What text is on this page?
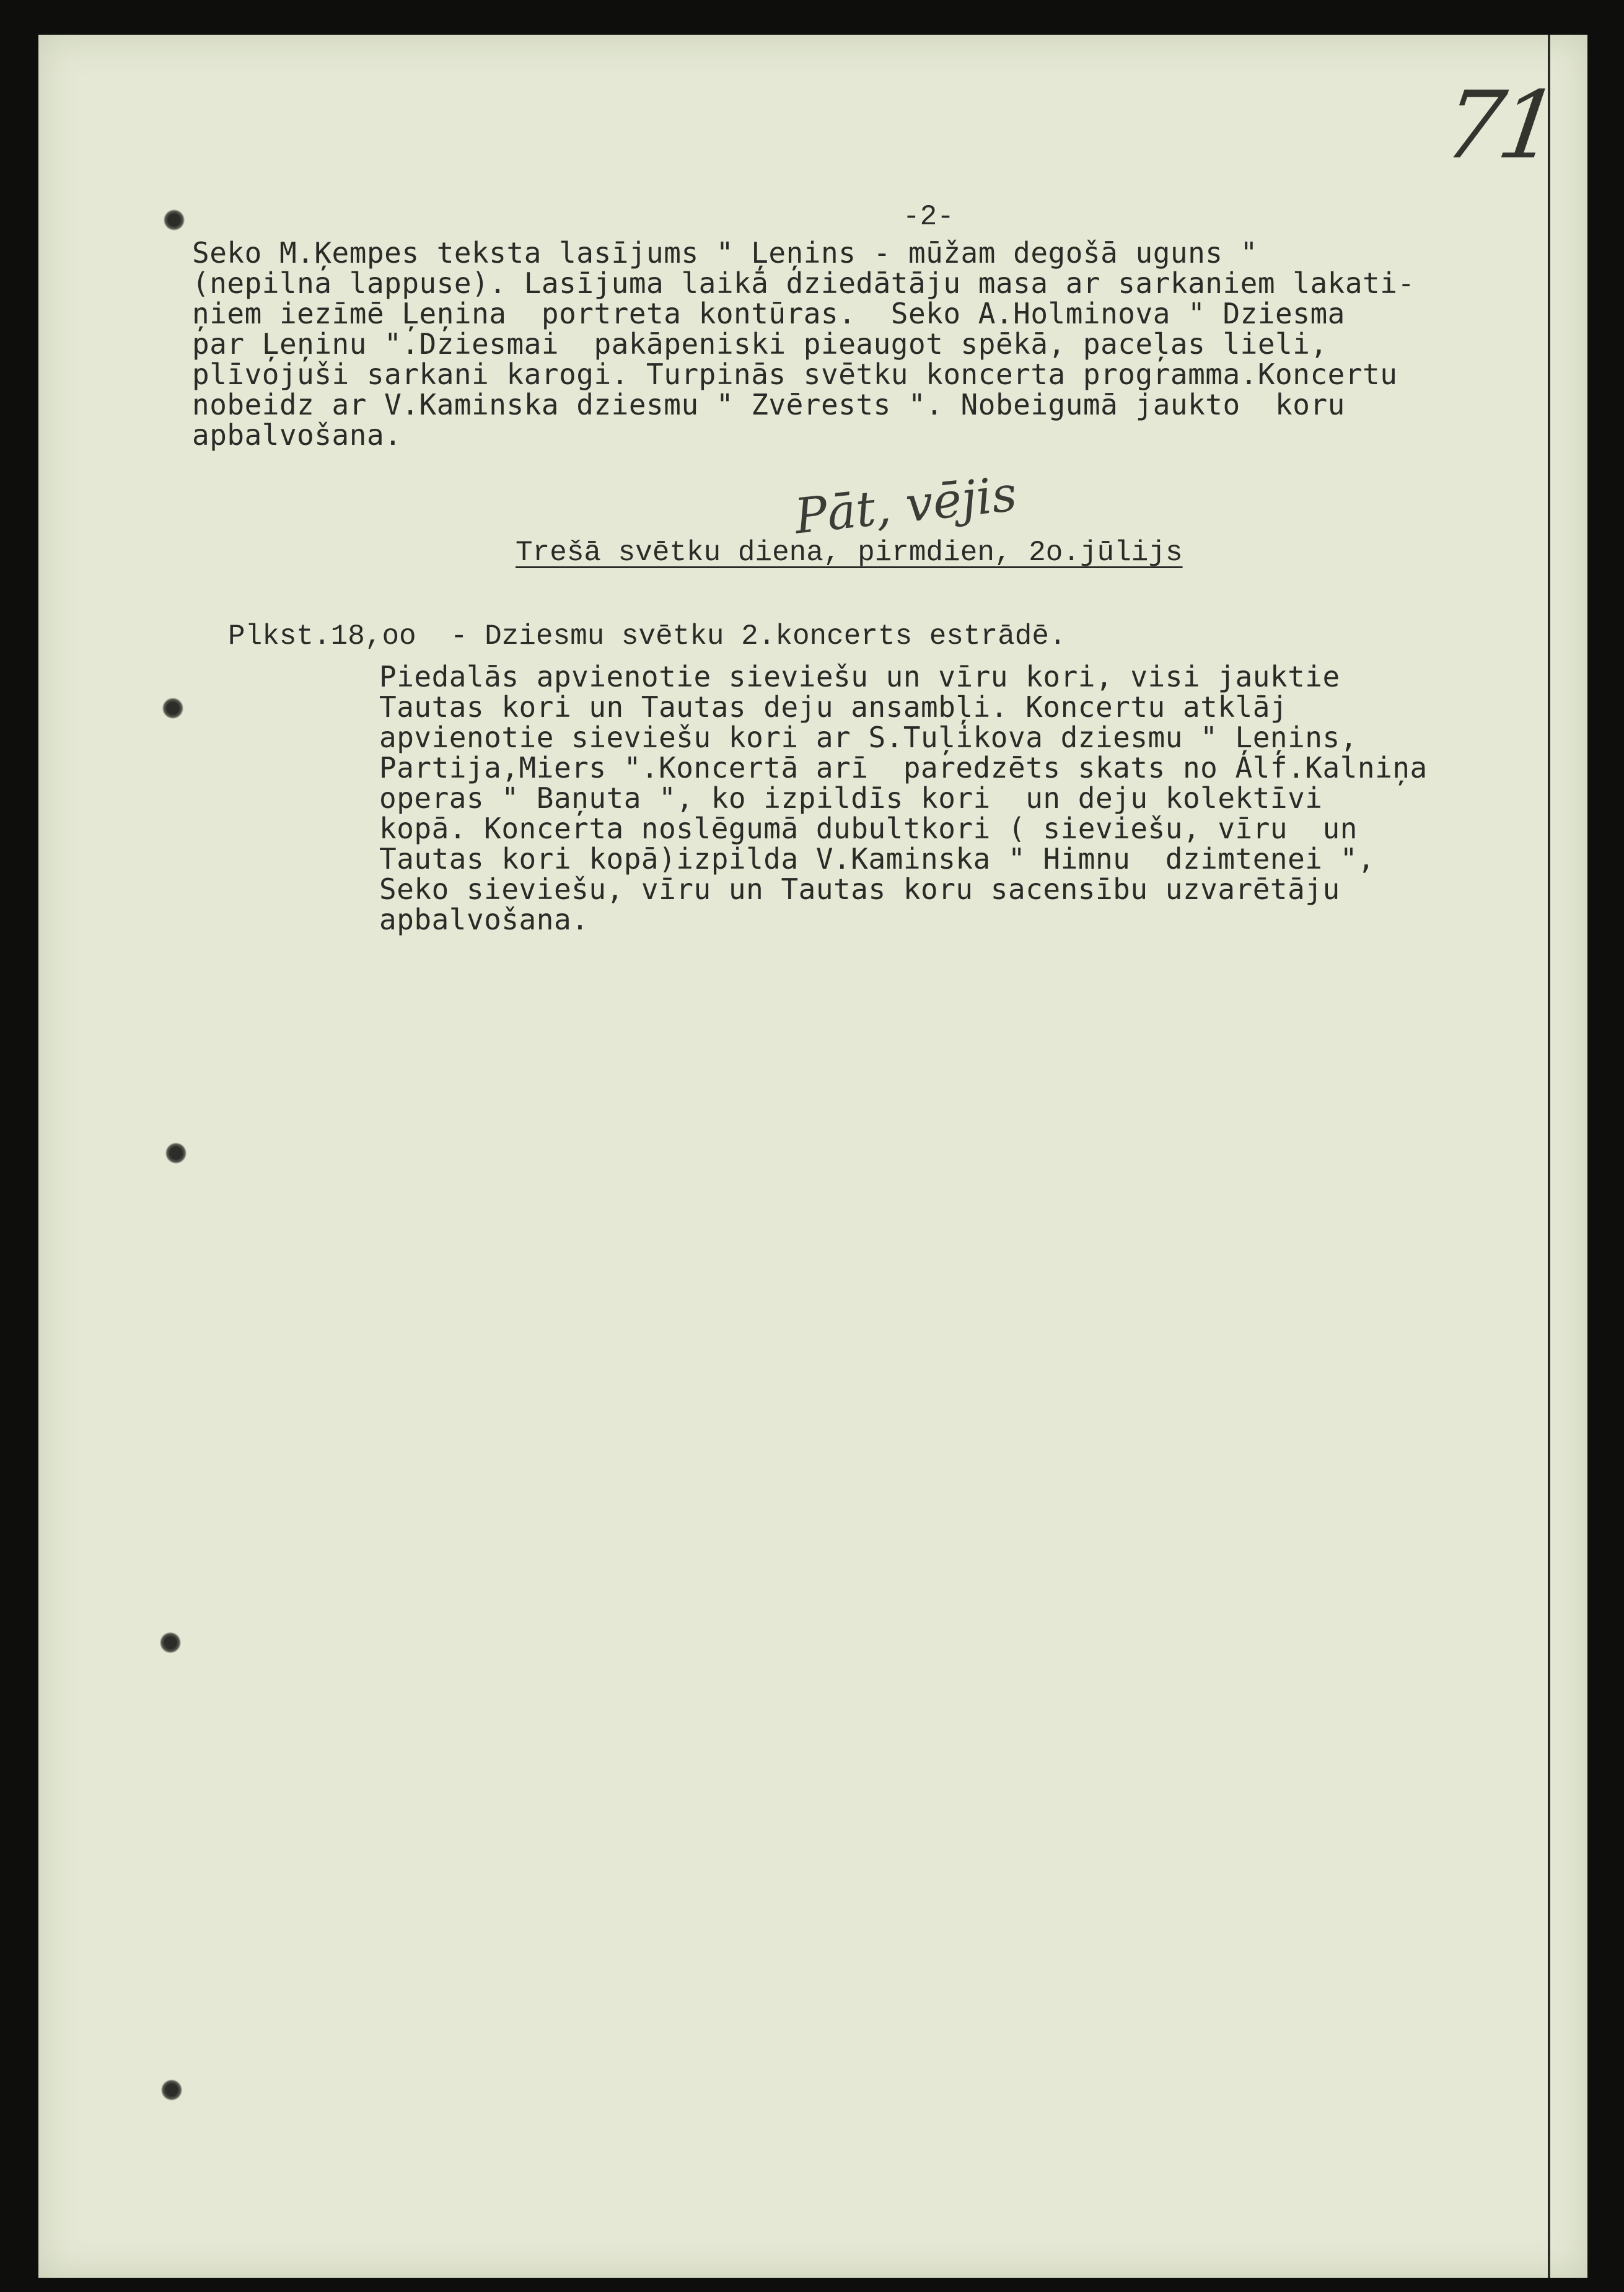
71
-2-
Seko M.Ķempes teksta lasījums " Ļeņins - mūžam degošā uguns "
(nepilna lappuse). Lasījuma laikā dziedātāju masa ar sarkaniem lakati-
ņiem iezīmē Ļeņina  portreta kontūras.  Seko A.Holminova " Dziesma
par Ļeņinu ".Dziesmai  pakāpeniski pieaugot spēkā, paceļas lieli,
plīvojuši sarkani karogi. Turpinās svētku koncerta programma.Koncertu
nobeidz ar V.Kaminska dziesmu " Zvērests ". Nobeigumā jaukto  koru
apbalvošana.
Pāt, vējis
Trešā svētku diena, pirmdien, 2o.jūlijs
Plkst.18,oo  - Dziesmu svētku 2.koncerts estrādē.
Piedalās apvienotie sieviešu un vīru kori, visi jauktie
Tautas kori un Tautas deju ansambļi. Koncertu atklāj
apvienotie sieviešu kori ar S.Tuļikova dziesmu " Ļeņins,
Partija,Miers ".Koncertā arī  paredzēts skats no Alf.Kalniņa
operas " Baņuta ", ko izpildīs kori  un deju kolektīvi
kopā. Koncerta noslēgumā dubultkori ( sieviešu, vīru  un
Tautas kori kopā)izpilda V.Kaminska " Himnu  dzimtenei ",
Seko sieviešu, vīru un Tautas koru sacensību uzvarētāju
apbalvošana.
